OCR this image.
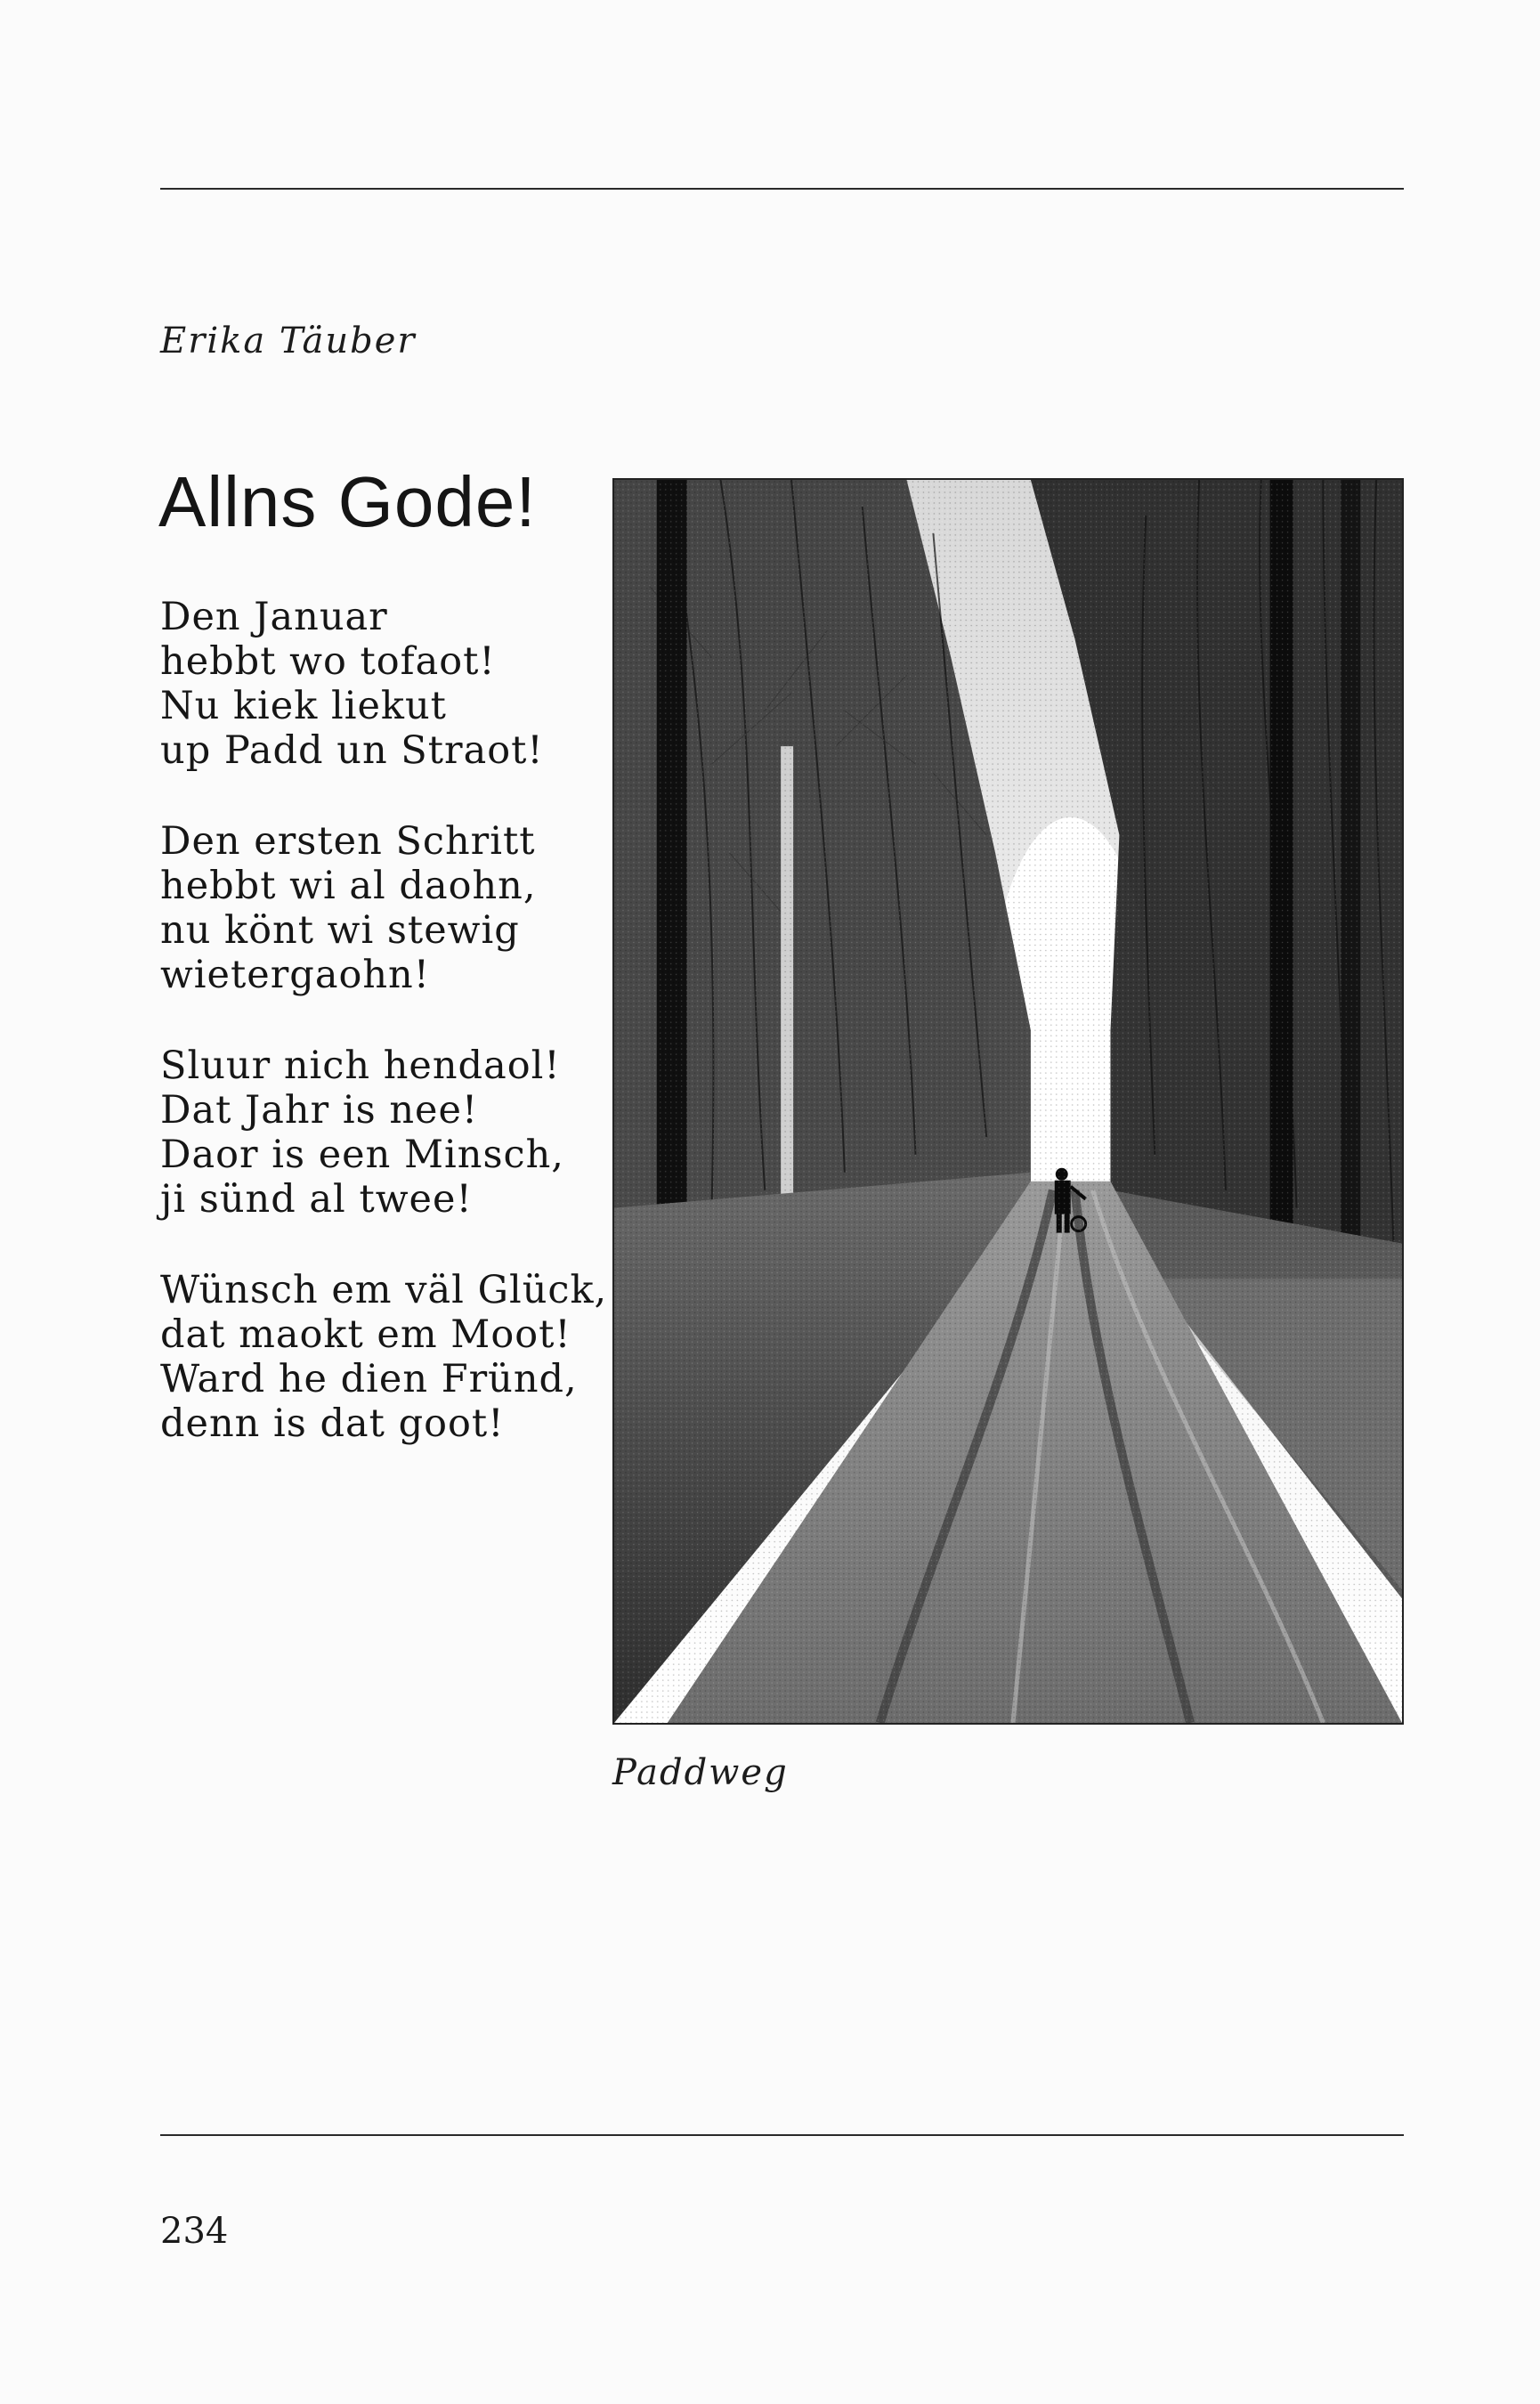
Erika Täuber
Allns Gode!
Den Januar
hebbt wo tofaot!
Nu kiek liekut
up Padd un Straot!
Den ersten Schritt
hebbt wi al daohn,
nu könt wi stewig
wietergaohn!
Sluur nich hendaol!
Dat Jahr is nee!
Daor is een Minsch,
ji sünd al twee!
Wünsch em väl Glück,
dat maokt em Moot!
Ward he dien Fründ,
denn is dat goot!
Paddweg
234
